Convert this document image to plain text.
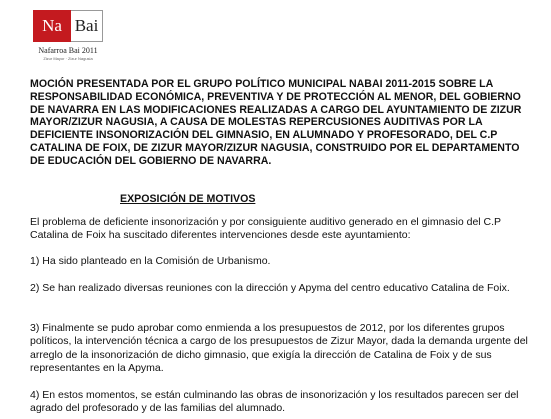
Na Bai
Nafarroa Bai 2011
Zizur Mayor · Zizur Nagusia

MOCIÓN PRESENTADA POR EL GRUPO POLÍTICO MUNICIPAL NABAI 2011-2015 SOBRE LA RESPONSABILIDAD ECONÓMICA, PREVENTIVA Y DE PROTECCIÓN AL MENOR, DEL GOBIERNO DE NAVARRA EN LAS MODIFICACIONES REALIZADAS A CARGO DEL AYUNTAMIENTO DE ZIZUR MAYOR/ZIZUR NAGUSIA, A CAUSA DE MOLESTAS REPERCUSIONES AUDITIVAS POR LA DEFICIENTE INSONORIZACIÓN DEL GIMNASIO, EN ALUMNADO Y PROFESORADO, DEL C.P CATALINA DE FOIX, DE ZIZUR MAYOR/ZIZUR NAGUSIA, CONSTRUIDO POR EL DEPARTAMENTO DE EDUCACIÓN DEL GOBIERNO DE NAVARRA.

EXPOSICIÓN DE MOTIVOS

El problema de deficiente insonorización y por consiguiente auditivo generado en el gimnasio del C.P Catalina de Foix ha suscitado diferentes intervenciones desde este ayuntamiento:

1) Ha sido planteado en la Comisión de Urbanismo.

2) Se han realizado diversas reuniones con la dirección y Apyma del centro educativo Catalina de Foix.

3) Finalmente se pudo aprobar como enmienda a los presupuestos de 2012, por los diferentes grupos políticos, la intervención técnica a cargo de los presupuestos de Zizur Mayor, dada la demanda urgente del arreglo de la insonorización de dicho gimnasio, que exigía la dirección de Catalina de Foix y de sus representantes en la Apyma.

4) En estos momentos, se están culminando las obras de insonorización y los resultados parecen ser del agrado del profesorado y de las familias del alumnado.
